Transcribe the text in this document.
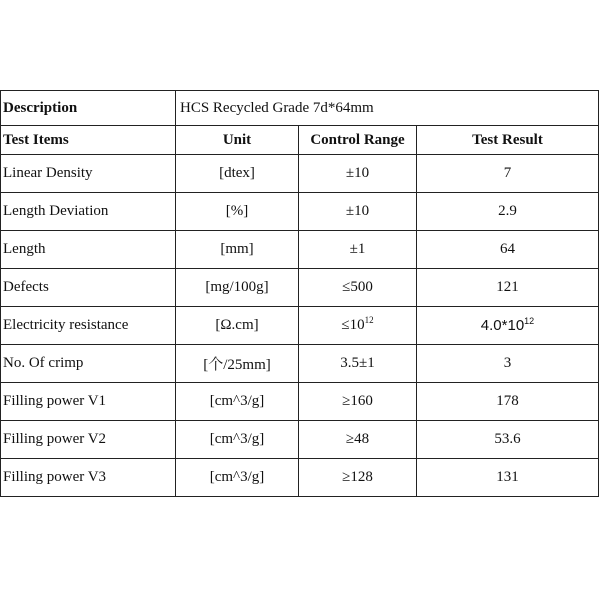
Description	HCS Recycled Grade 7d*64mm		
Test Items	Unit	Control Range	Test Result
Linear Density	[dtex]	±10	7
Length Deviation	[%]	±10	2.9
Length	[mm]	±1	64
Defects	[mg/100g]	≤500	121
Electricity resistance	[Ω.cm]	$\le 10^{12}$	$4.0*10^{12}$
No. Of crimp	[个/25mm]	3.5±1	3
Filling power V1	[cm^3/g]	≥160	178
Filling power V2	[cm^3/g]	≥48	53.6
Filling power V3	[cm^3/g]	≥128	131
